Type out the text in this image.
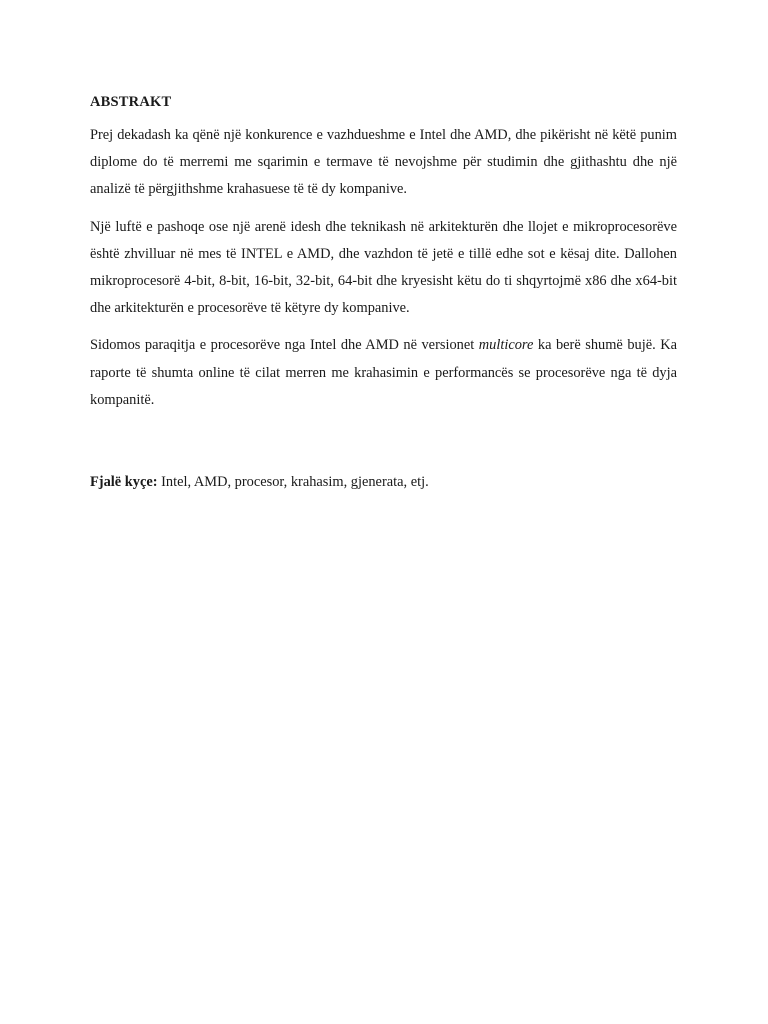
ABSTRAKT

Prej dekadash ka qënë një konkurence e vazhdueshme e Intel dhe AMD, dhe pikërisht në këtë punim diplome do të merremi me sqarimin e termave të nevojshme për studimin dhe gjithashtu dhe një analizë të përgjithshme krahasuese të të dy kompanive.

Një luftë e pashoqe ose një arenë idesh dhe teknikash në arkitekturën dhe llojet e mikroprocesorëve është zhvilluar në mes të INTEL e AMD, dhe vazhdon të jetë e tillë edhe sot e kësaj dite. Dallohen mikroprocesorë 4-bit, 8-bit, 16-bit, 32-bit, 64-bit dhe kryesisht këtu do ti shqyrtojmë x86 dhe x64-bit dhe arkitekturën e procesorëve të këtyre dy kompanive.

Sidomos paraqitja e procesorëve nga Intel dhe AMD në versionet multicore ka berë shumë bujë. Ka raporte të shumta online të cilat merren me krahasimin e performancës se procesorëve nga të dyja kompanitë.

Fjalë kyçe: Intel, AMD, procesor, krahasim, gjenerata, etj.
